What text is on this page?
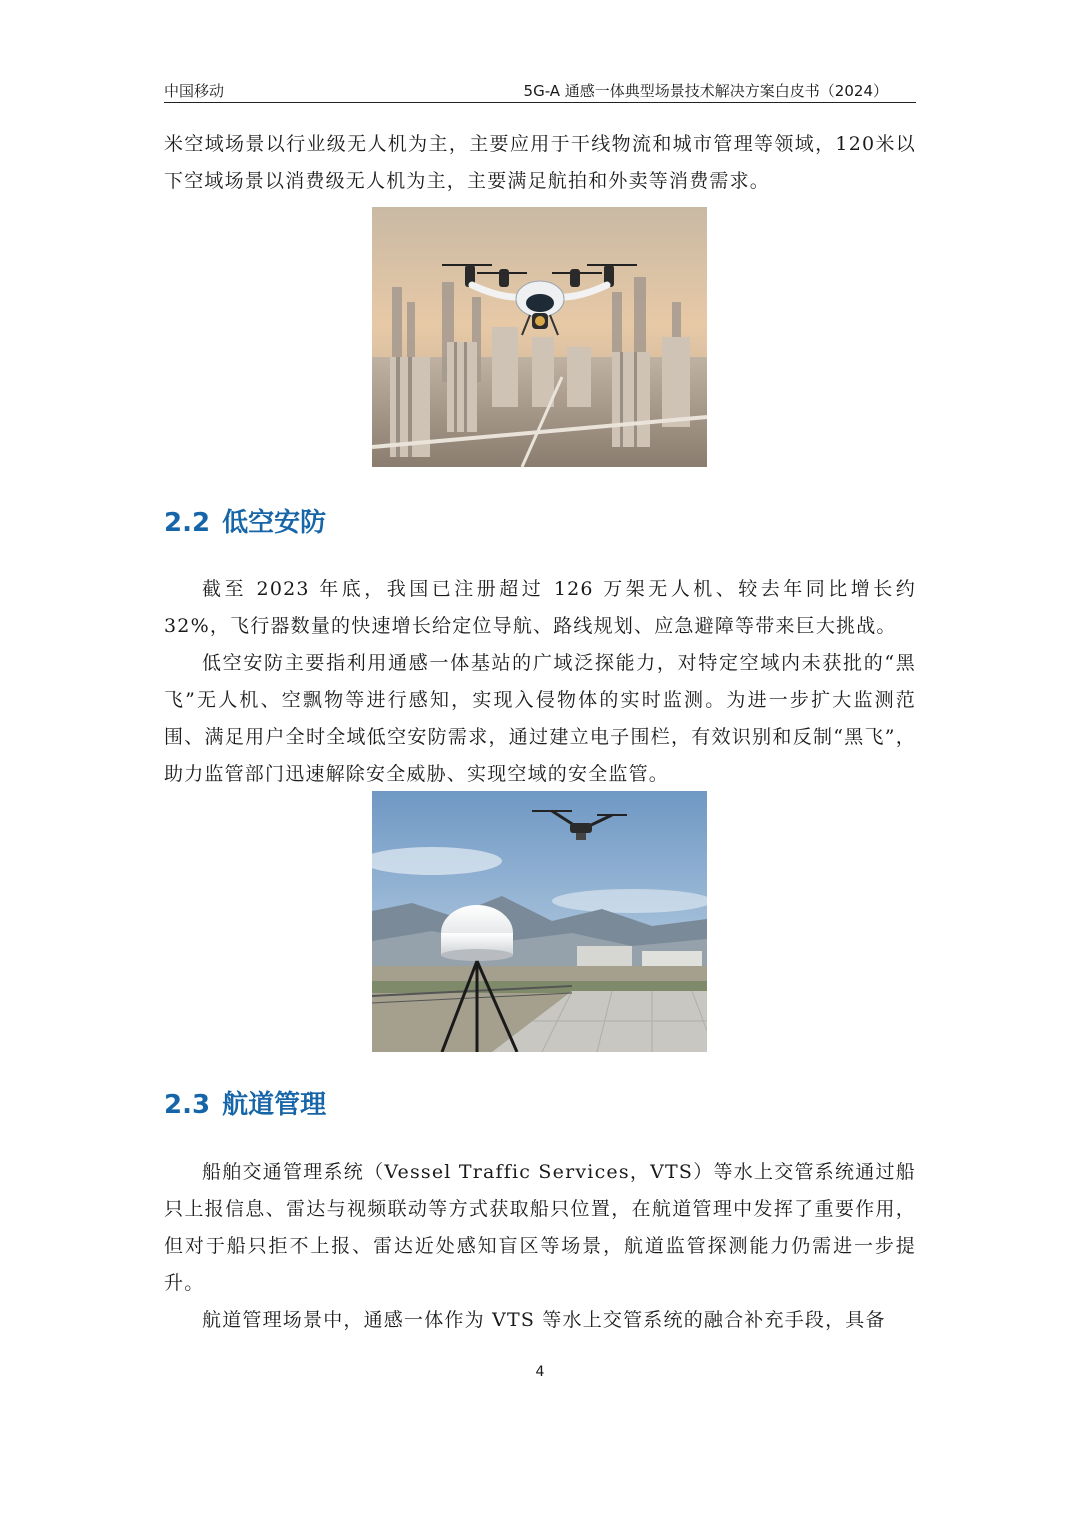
中国移动	5G-A 通感一体典型场景技术解决方案白皮书（2024）

米空域场景以行业级无人机为主，主要应用于干线物流和城市管理等领域，120米以下空域场景以消费级无人机为主，主要满足航拍和外卖等消费需求。

2.2 低空安防

截至 2023 年底，我国已注册超过 126 万架无人机、较去年同比增长约 32%，飞行器数量的快速增长给定位导航、路线规划、应急避障等带来巨大挑战。

低空安防主要指利用通感一体基站的广域泛探能力，对特定空域内未获批的“黑飞”无人机、空飘物等进行感知，实现入侵物体的实时监测。为进一步扩大监测范围、满足用户全时全域低空安防需求，通过建立电子围栏，有效识别和反制“黑飞”，助力监管部门迅速解除安全威胁、实现空域的安全监管。

2.3 航道管理

船舶交通管理系统（Vessel Traffic Services，VTS）等水上交管系统通过船只上报信息、雷达与视频联动等方式获取船只位置，在航道管理中发挥了重要作用，但对于船只拒不上报、雷达近处感知盲区等场景，航道监管探测能力仍需进一步提升。

航道管理场景中，通感一体作为 VTS 等水上交管系统的融合补充手段，具备

4
